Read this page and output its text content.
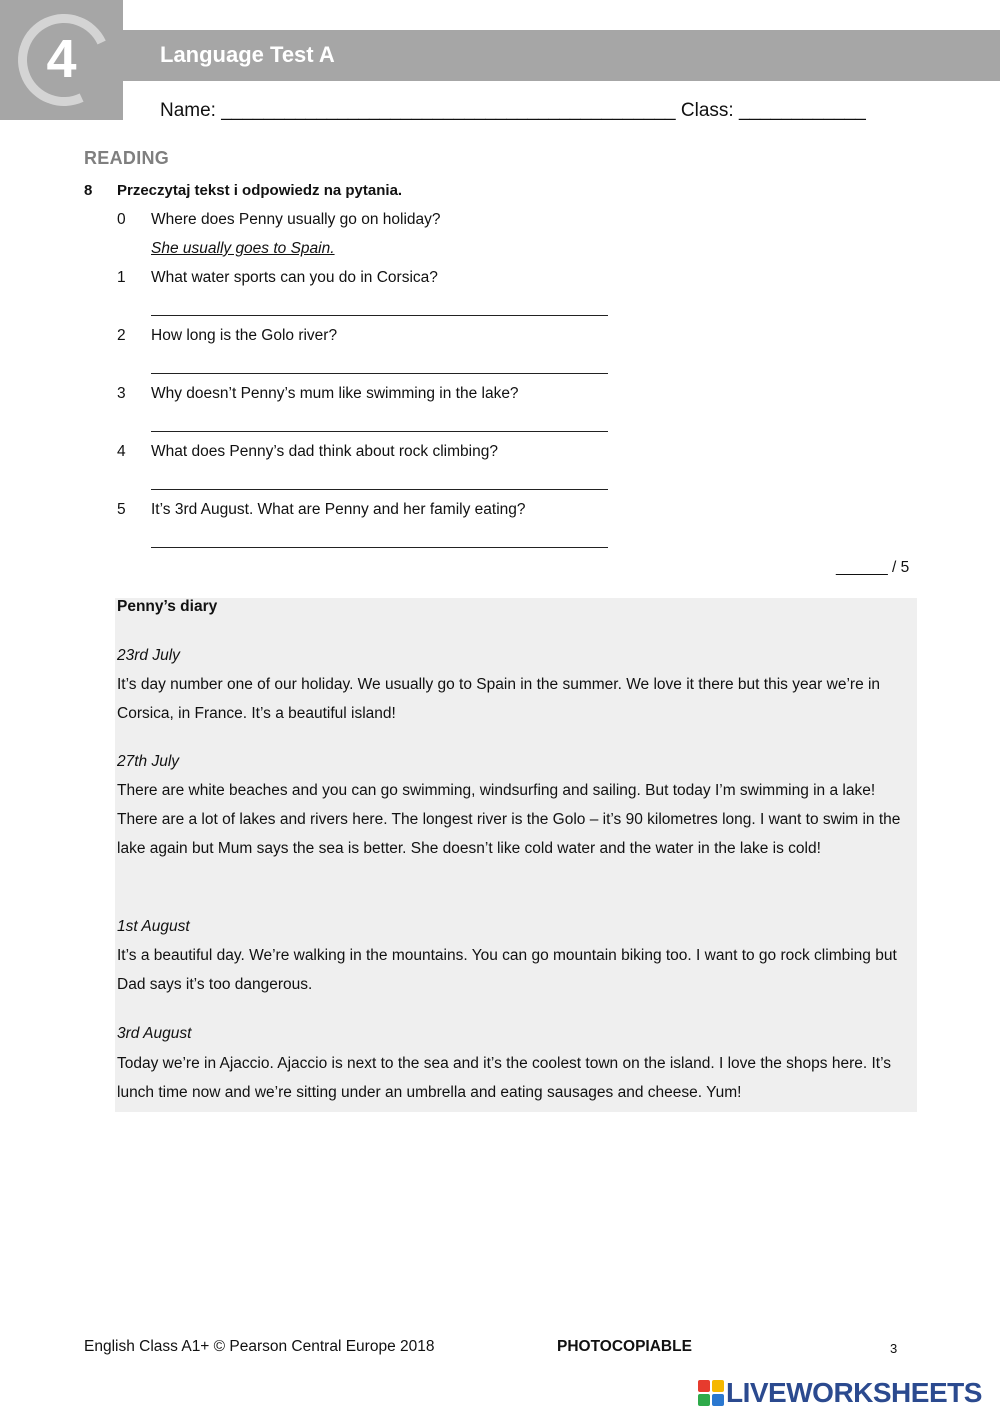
4	Language Test A
Name: ___________________________________________ Class: ____________
READING
8 Przeczytaj tekst i odpowiedz na pytania.
0 Where does Penny usually go on holiday?
She usually goes to Spain.
1 What water sports can you do in Corsica?
2 How long is the Golo river?
3 Why doesn’t Penny’s mum like swimming in the lake?
4 What does Penny’s dad think about rock climbing?
5 It’s 3rd August. What are Penny and her family eating?
______ / 5
Penny’s diary
23rd July
It’s day number one of our holiday. We usually go to Spain in the summer. We love it there but this year we’re in Corsica, in France. It’s a beautiful island!
27th July
There are white beaches and you can go swimming, windsurfing and sailing. But today I’m swimming in a lake! There are a lot of lakes and rivers here. The longest river is the Golo – it’s 90 kilometres long. I want to swim in the lake again but Mum says the sea is better. She doesn’t like cold water and the water in the lake is cold!
1st August
It’s a beautiful day. We’re walking in the mountains. You can go mountain biking too. I want to go rock climbing but Dad says it’s too dangerous.
3rd August
Today we’re in Ajaccio. Ajaccio is next to the sea and it’s the coolest town on the island. I love the shops here. It’s lunch time now and we’re sitting under an umbrella and eating sausages and cheese. Yum!
English Class A1+ © Pearson Central Europe 2018	PHOTOCOPIABLE	3
LIVEWORKSHEETS
